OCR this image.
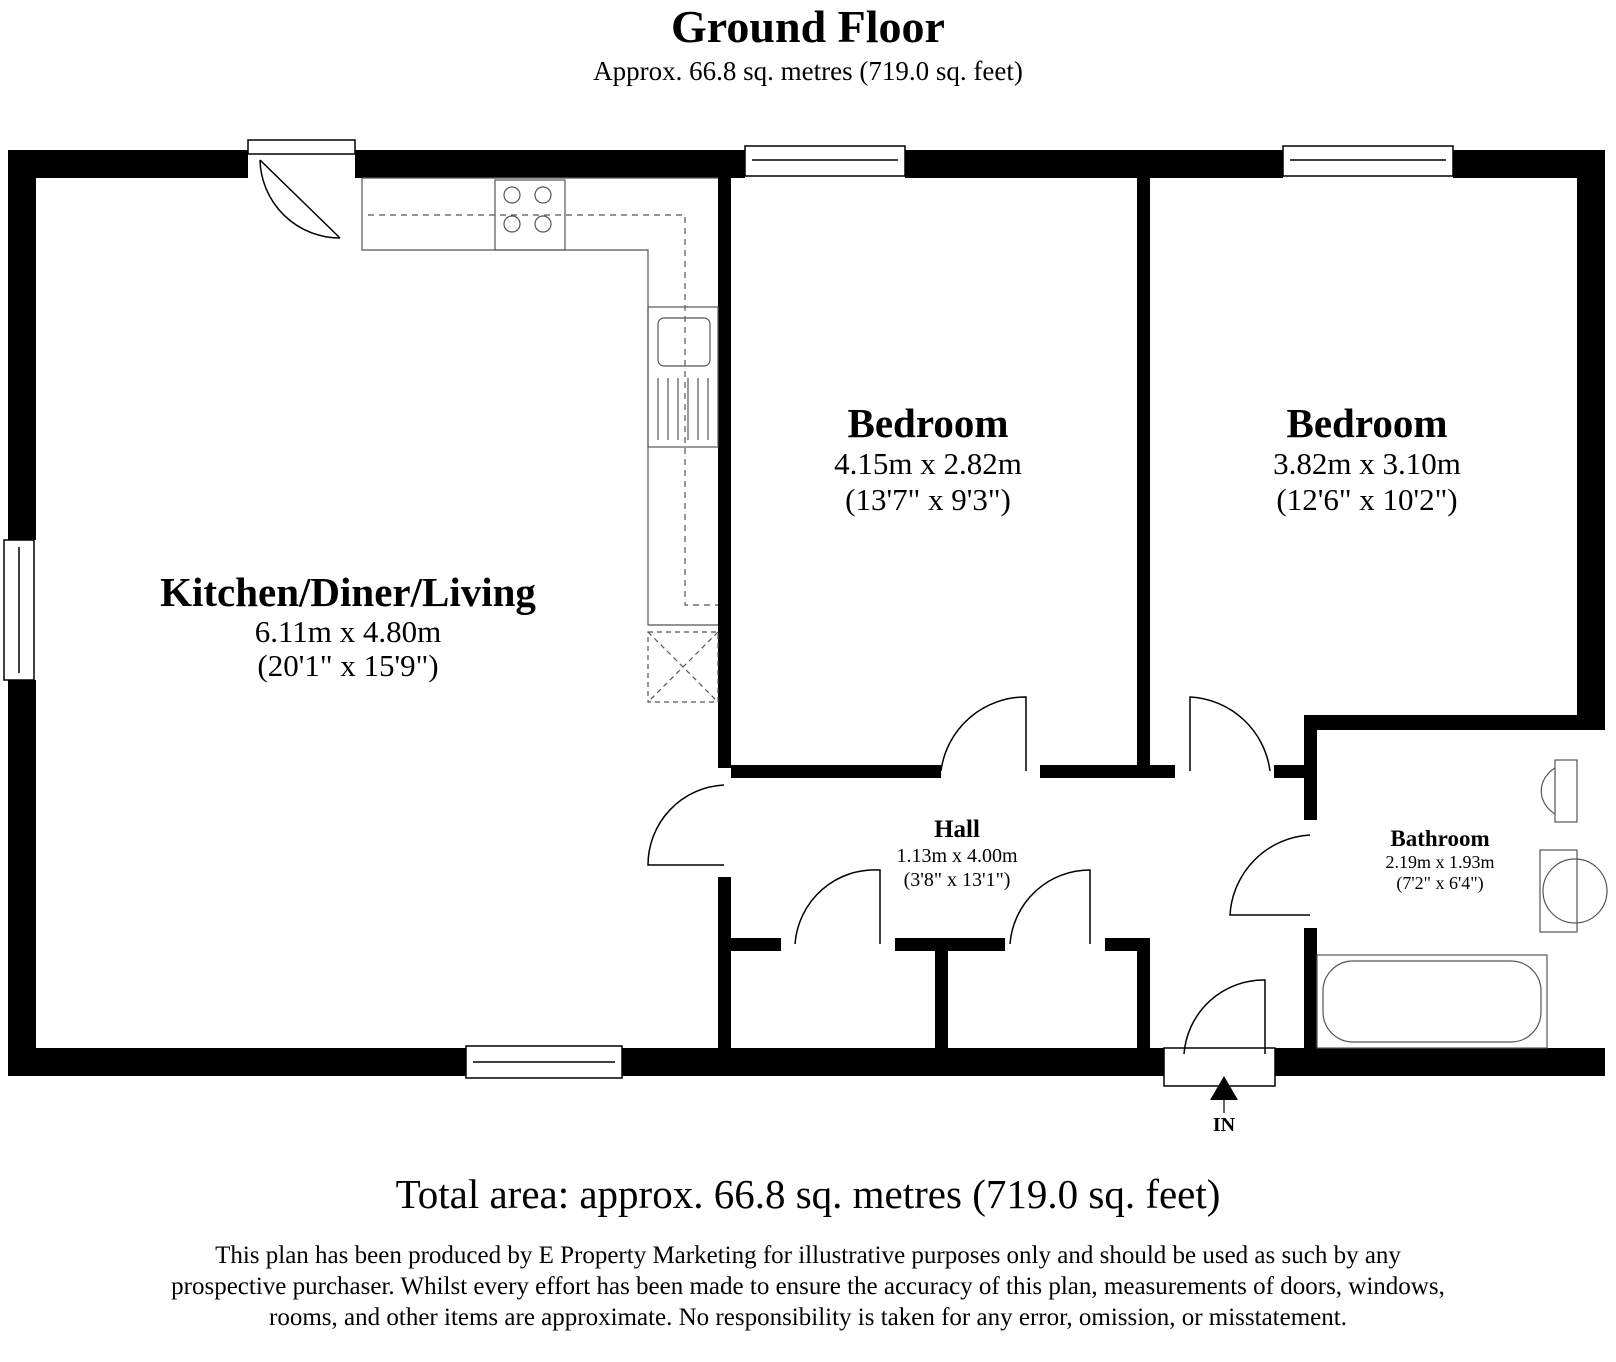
Ground Floor
Approx. 66.8 sq. metres (719.0 sq. feet)
IN
Kitchen/Diner/Living
6.11m x 4.80m
(20'1" x 15'9")
Bedroom
4.15m x 2.82m
(13'7" x 9'3")
Bedroom
3.82m x 3.10m
(12'6" x 10'2")
Hall
1.13m x 4.00m
(3'8" x 13'1")
Bathroom
2.19m x 1.93m
(7'2" x 6'4")
Total area: approx. 66.8 sq. metres (719.0 sq. feet)
This plan has been produced by E Property Marketing for illustrative purposes only and should be used as such by any prospective purchaser. Whilst every effort has been made to ensure the accuracy of this plan, measurements of doors, windows, rooms, and other items are approximate. No responsibility is taken for any error, omission, or misstatement.
